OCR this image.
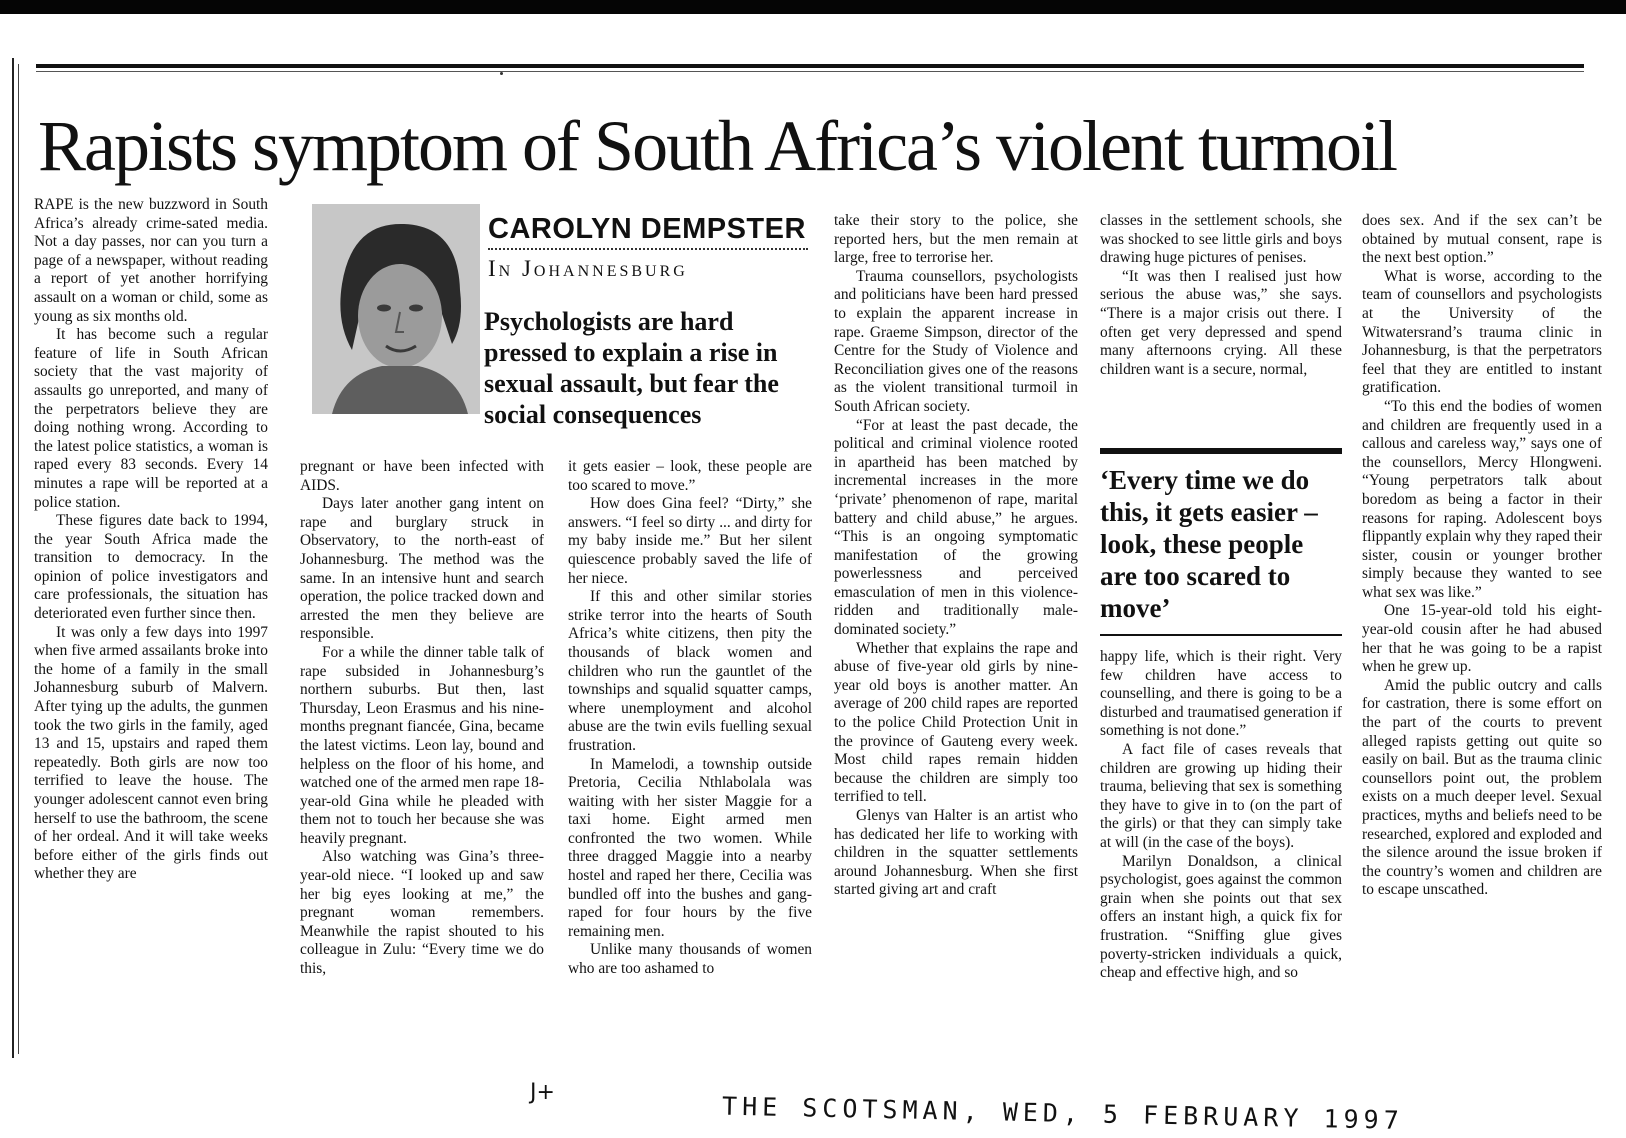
Rapists symptom of South Africa’s violent turmoil

RAPE is the new buzzword in South Africa’s already crime-sated media. Not a day passes, nor can you turn a page of a newspaper, without reading a report of yet another horrifying assault on a woman or child, some as young as six months old.

It has become such a regular feature of life in South African society that the vast majority of assaults go unreported, and many of the perpetrators believe they are doing nothing wrong. According to the latest police statistics, a woman is raped every 83 seconds. Every 14 minutes a rape will be reported at a police station.

These figures date back to 1994, the year South Africa made the transition to democracy. In the opinion of police investigators and care professionals, the situation has deteriorated even further since then.

It was only a few days into 1997 when five armed assailants broke into the home of a family in the small Johannesburg suburb of Malvern. After tying up the adults, the gunmen took the two girls in the family, aged 13 and 15, upstairs and raped them repeatedly. Both girls are now too terrified to leave the house. The younger adolescent cannot even bring herself to use the bathroom, the scene of her ordeal. And it will take weeks before either of the girls finds out whether they are

CAROLYN DEMPSTER
In Johannesburg
Psychologists are hard pressed to explain a rise in sexual assault, but fear the social consequences

pregnant or have been infected with AIDS.

Days later another gang intent on rape and burglary struck in Observatory, to the north-east of Johannesburg. The method was the same. In an intensive hunt and search operation, the police tracked down and arrested the men they believe are responsible.

For a while the dinner table talk of rape subsided in Johannesburg’s northern suburbs. But then, last Thursday, Leon Erasmus and his nine-months pregnant fiancée, Gina, became the latest victims. Leon lay, bound and helpless on the floor of his home, and watched one of the armed men rape 18-year-old Gina while he pleaded with them not to touch her because she was heavily pregnant.

Also watching was Gina’s three-year-old niece. “I looked up and saw her big eyes looking at me,” the pregnant woman remembers. Meanwhile the rapist shouted to his colleague in Zulu: “Every time we do this,

it gets easier – look, these people are too scared to move.”

How does Gina feel? “Dirty,” she answers. “I feel so dirty ... and dirty for my baby inside me.” But her silent quiescence probably saved the life of her niece.

If this and other similar stories strike terror into the hearts of South Africa’s white citizens, then pity the thousands of black women and children who run the gauntlet of the townships and squalid squatter camps, where unemployment and alcohol abuse are the twin evils fuelling sexual frustration.

In Mamelodi, a township outside Pretoria, Cecilia Nthlabolala was waiting with her sister Maggie for a taxi home. Eight armed men confronted the two women. While three dragged Maggie into a nearby hostel and raped her there, Cecilia was bundled off into the bushes and gang-raped for four hours by the five remaining men.

Unlike many thousands of women who are too ashamed to

take their story to the police, she reported hers, but the men remain at large, free to terrorise her.

Trauma counsellors, psychologists and politicians have been hard pressed to explain the apparent increase in rape. Graeme Simpson, director of the Centre for the Study of Violence and Reconciliation gives one of the reasons as the violent transitional turmoil in South African society.

“For at least the past decade, the political and criminal violence rooted in apartheid has been matched by incremental increases in the more ‘private’ phenomenon of rape, marital battery and child abuse,” he argues. “This is an ongoing symptomatic manifestation of the growing powerlessness and perceived emasculation of men in this violence-ridden and traditionally male-dominated society.”

Whether that explains the rape and abuse of five-year old girls by nine-year old boys is another matter. An average of 200 child rapes are reported to the police Child Protection Unit in the province of Gauteng every week. Most child rapes remain hidden because the children are simply too terrified to tell.

Glenys van Halter is an artist who has dedicated her life to working with children in the squatter settlements around Johannesburg. When she first started giving art and craft

classes in the settlement schools, she was shocked to see little girls and boys drawing huge pictures of penises.

“It was then I realised just how serious the abuse was,” she says. “There is a major crisis out there. I often get very depressed and spend many afternoons crying. All these children want is a secure, normal,

‘Every time we do this, it gets easier – look, these people are too scared to move’

happy life, which is their right. Very few children have access to counselling, and there is going to be a disturbed and traumatised generation if something is not done.”

A fact file of cases reveals that children are growing up hiding their trauma, believing that sex is something they have to give in to (on the part of the girls) or that they can simply take at will (in the case of the boys).

Marilyn Donaldson, a clinical psychologist, goes against the common grain when she points out that sex offers an instant high, a quick fix for frustration. “Sniffing glue gives poverty-stricken individuals a quick, cheap and effective high, and so

does sex. And if the sex can’t be obtained by mutual consent, rape is the next best option.”

What is worse, according to the team of counsellors and psychologists at the University of the Witwatersrand’s trauma clinic in Johannesburg, is that the perpetrators feel that they are entitled to instant gratification.

“To this end the bodies of women and children are frequently used in a callous and careless way,” says one of the counsellors, Mercy Hlongweni. “Young perpetrators talk about boredom as being a factor in their reasons for raping. Adolescent boys flippantly explain why they raped their sister, cousin or younger brother simply because they wanted to see what sex was like.”

One 15-year-old told his eight-year-old cousin after he had abused her that he was going to be a rapist when he grew up.

Amid the public outcry and calls for castration, there is some effort on the part of the courts to prevent alleged rapists getting out quite so easily on bail. But as the trauma clinic counsellors point out, the problem exists on a much deeper level. Sexual practices, myths and beliefs need to be researched, explored and exploded and the silence around the issue broken if the country’s women and children are to escape unscathed.

J+	THE SCOTSMAN, WED, 5 FEBRUARY 1997
